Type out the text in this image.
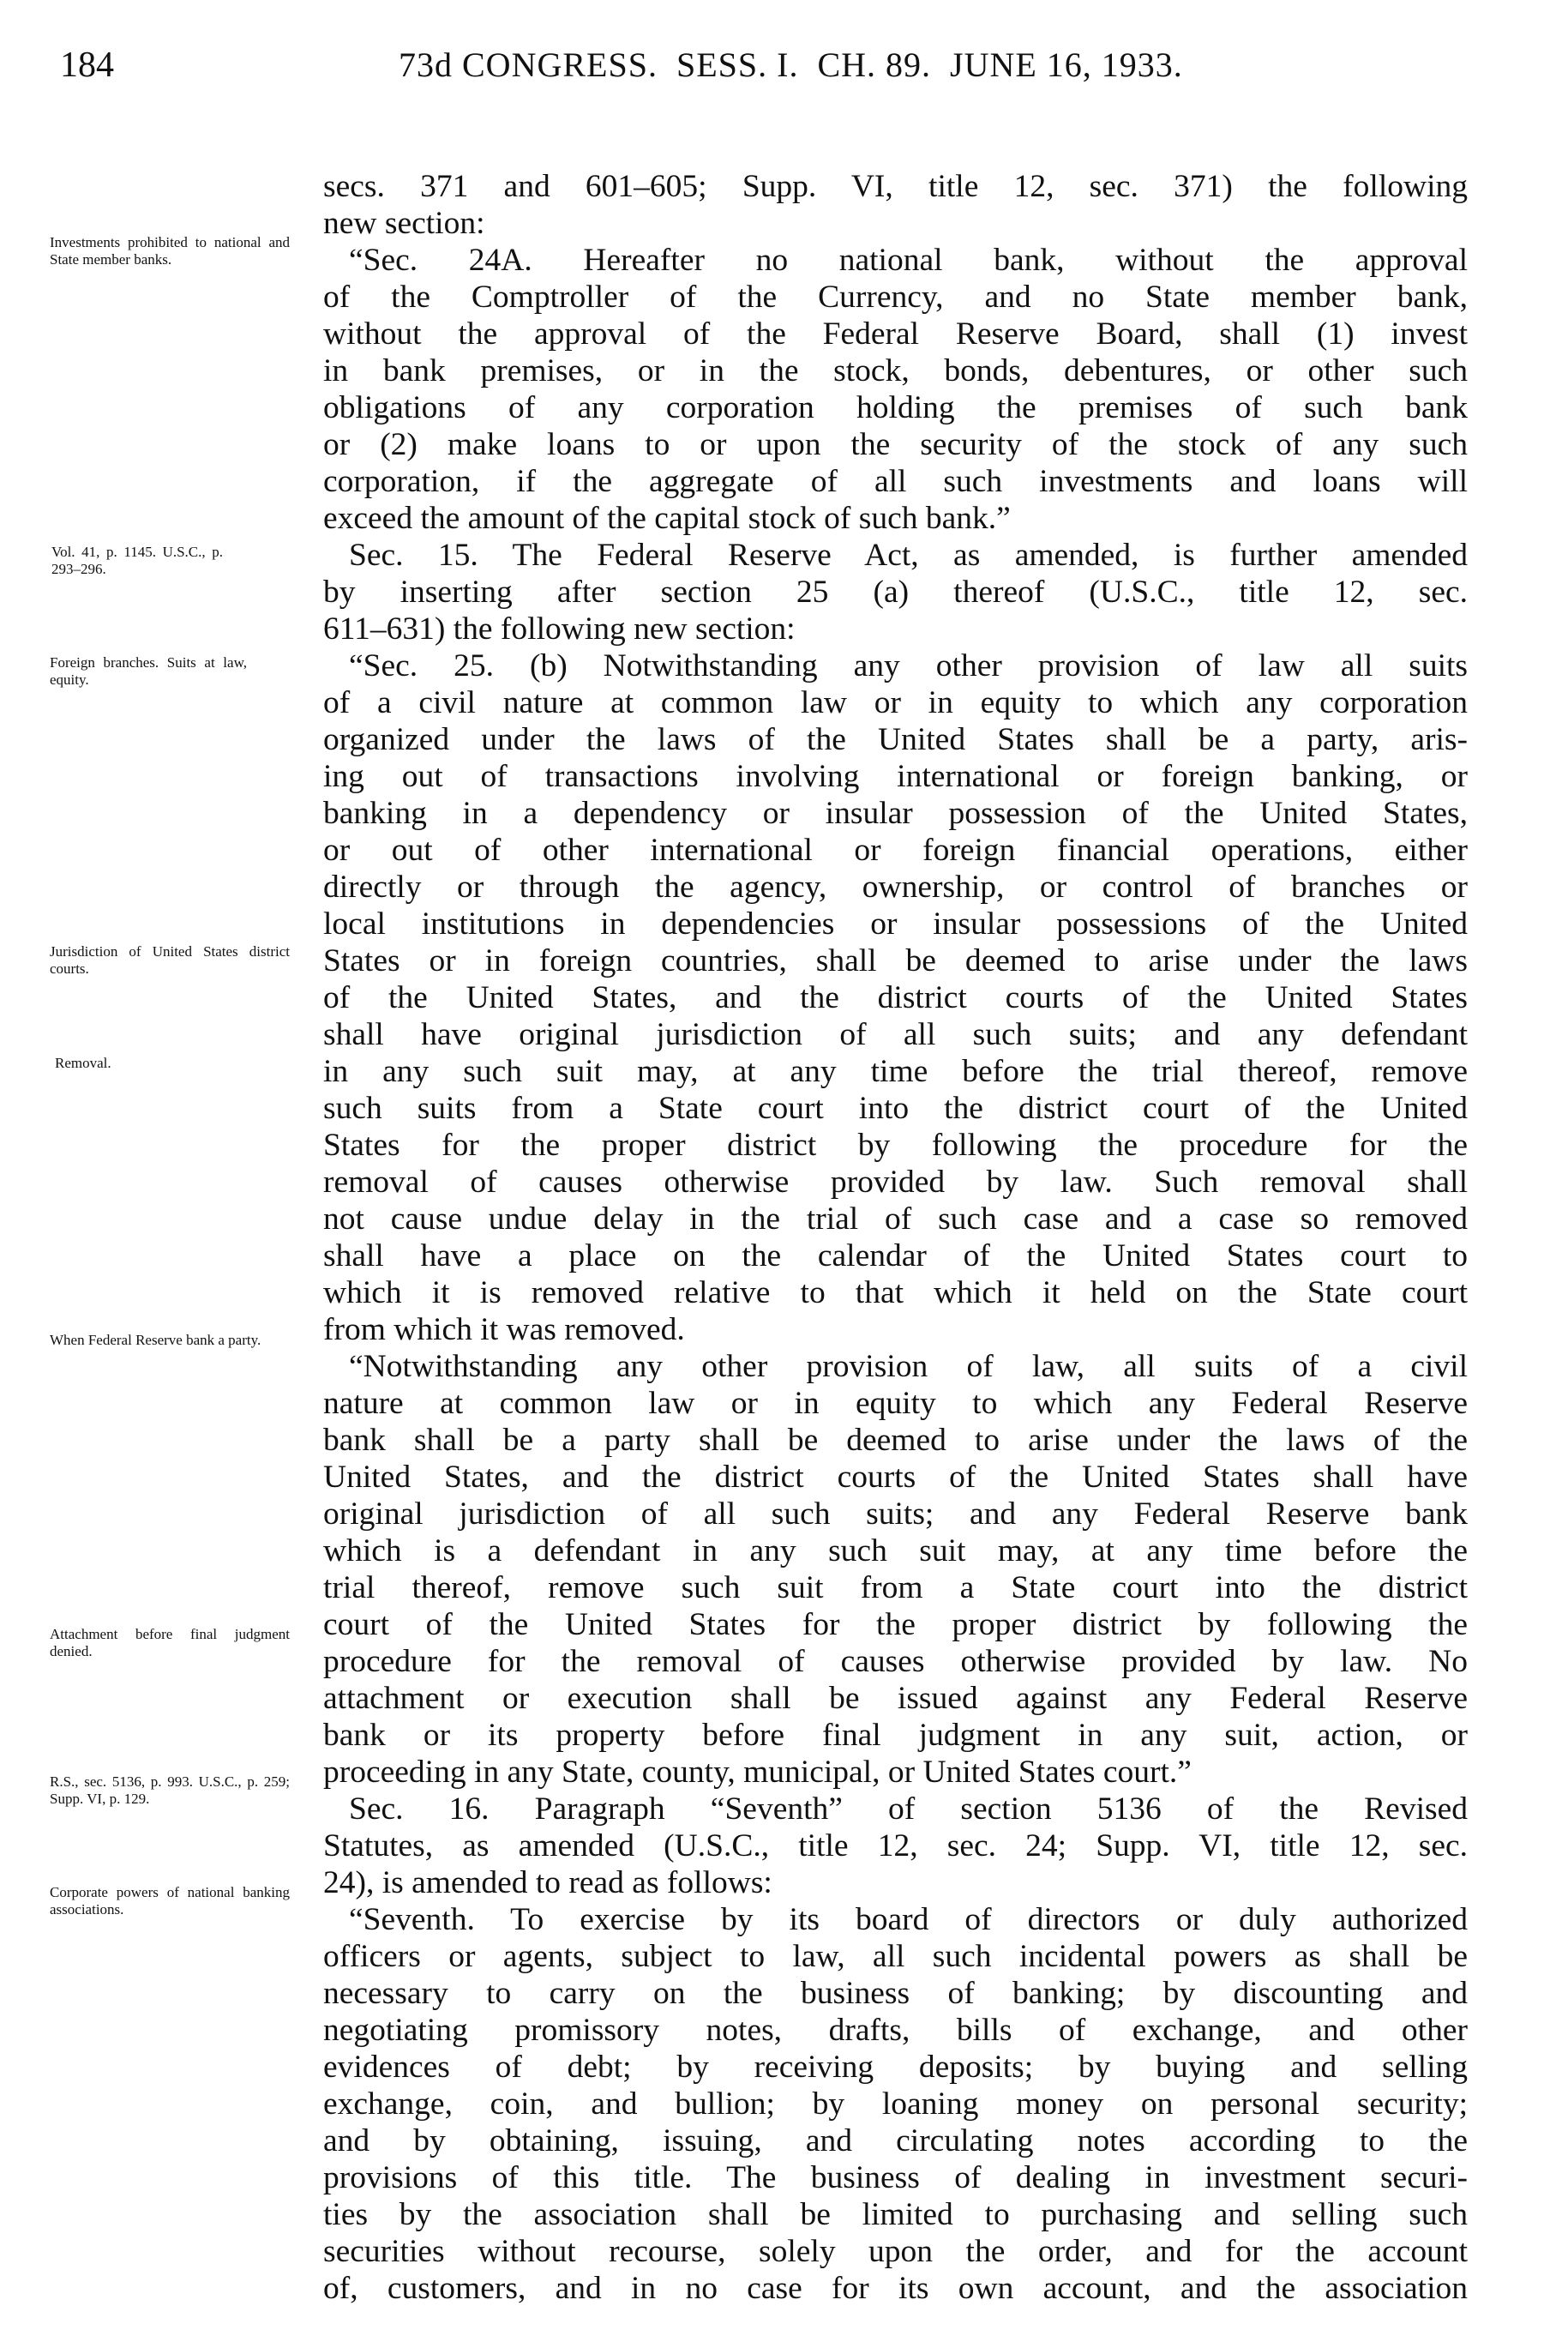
184	73d CONGRESS.  SESS. I.  CH. 89.  JUNE 16, 1933.
secs. 371 and 601–605; Supp. VI, title 12, sec. 371) the following
new section:
“Sec. 24A. Hereafter no national bank, without the approval
of the Comptroller of the Currency, and no State member bank,
without the approval of the Federal Reserve Board, shall (1) invest
in bank premises, or in the stock, bonds, debentures, or other such
obligations of any corporation holding the premises of such bank
or (2) make loans to or upon the security of the stock of any such
corporation, if the aggregate of all such investments and loans will
exceed the amount of the capital stock of such bank.”
Sec. 15. The Federal Reserve Act, as amended, is further amended
by inserting after section 25 (a) thereof (U.S.C., title 12, sec.
611–631) the following new section:
“Sec. 25. (b) Notwithstanding any other provision of law all suits
of a civil nature at common law or in equity to which any corporation
organized under the laws of the United States shall be a party, aris-
ing out of transactions involving international or foreign banking, or
banking in a dependency or insular possession of the United States,
or out of other international or foreign financial operations, either
directly or through the agency, ownership, or control of branches or
local institutions in dependencies or insular possessions of the United
States or in foreign countries, shall be deemed to arise under the laws
of the United States, and the district courts of the United States
shall have original jurisdiction of all such suits; and any defendant
in any such suit may, at any time before the trial thereof, remove
such suits from a State court into the district court of the United
States for the proper district by following the procedure for the
removal of causes otherwise provided by law. Such removal shall
not cause undue delay in the trial of such case and a case so removed
shall have a place on the calendar of the United States court to
which it is removed relative to that which it held on the State court
from which it was removed.
“Notwithstanding any other provision of law, all suits of a civil
nature at common law or in equity to which any Federal Reserve
bank shall be a party shall be deemed to arise under the laws of the
United States, and the district courts of the United States shall have
original jurisdiction of all such suits; and any Federal Reserve bank
which is a defendant in any such suit may, at any time before the
trial thereof, remove such suit from a State court into the district
court of the United States for the proper district by following the
procedure for the removal of causes otherwise provided by law. No
attachment or execution shall be issued against any Federal Reserve
bank or its property before final judgment in any suit, action, or
proceeding in any State, county, municipal, or United States court.”
Sec. 16. Paragraph “Seventh” of section 5136 of the Revised
Statutes, as amended (U.S.C., title 12, sec. 24; Supp. VI, title 12, sec.
24), is amended to read as follows:
“Seventh. To exercise by its board of directors or duly authorized
officers or agents, subject to law, all such incidental powers as shall be
necessary to carry on the business of banking; by discounting and
negotiating promissory notes, drafts, bills of exchange, and other
evidences of debt; by receiving deposits; by buying and selling
exchange, coin, and bullion; by loaning money on personal security;
and by obtaining, issuing, and circulating notes according to the
provisions of this title. The business of dealing in investment securi-
ties by the association shall be limited to purchasing and selling such
securities without recourse, solely upon the order, and for the account
of, customers, and in no case for its own account, and the association
Investments prohibited to national and State member banks.
Vol. 41, p. 1145. U.S.C., p. 293–296.
Foreign branches. Suits at law, equity.
Jurisdiction of United States district courts.
Removal.
When Federal Reserve bank a party.
Attachment before final judgment denied.
R.S., sec. 5136, p. 993. U.S.C., p. 259; Supp. VI, p. 129.
Corporate powers of national banking associations.
